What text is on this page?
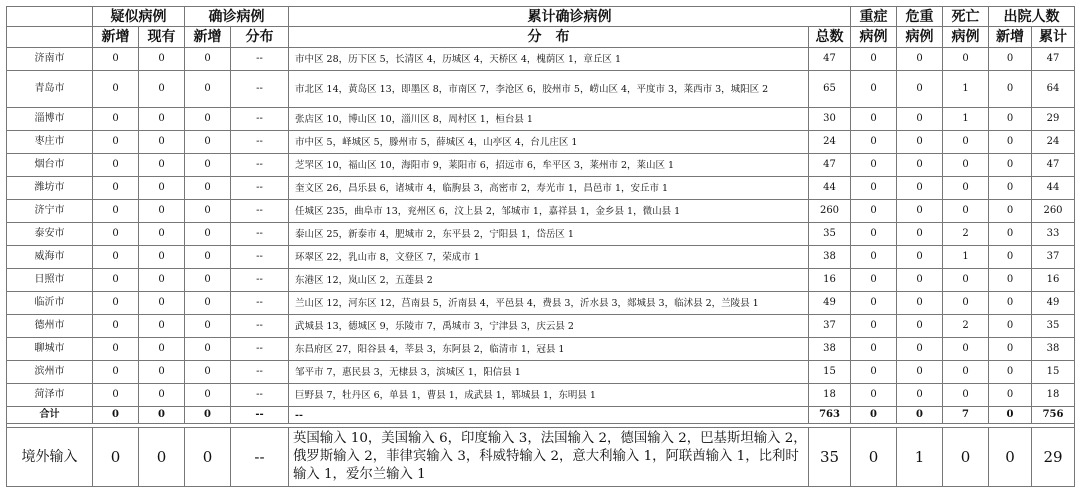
	疑似病例		确诊病例		累计确诊病例		重症	危重	死亡	出院人数	
	新增	现有	新增	分布	分　布	总数	病例	病例	病例	新增	累计
济南市	0	0	0	--	市中区 28，历下区 5，长清区 4，历城区 4，天桥区 4，槐荫区 1，章丘区 1	47	0	0	0	0	47
青岛市	0	0	0	--	市北区 14，黄岛区 13，即墨区 8，市南区 7，李沧区 6，胶州市 5，崂山区 4，平度市 3，莱西市 3，城阳区 2	65	0	0	1	0	64
淄博市	0	0	0	--	张店区 10，博山区 10，淄川区 8，周村区 1，桓台县 1	30	0	0	1	0	29
枣庄市	0	0	0	--	市中区 5，峄城区 5，滕州市 5，薛城区 4，山亭区 4，台儿庄区 1	24	0	0	0	0	24
烟台市	0	0	0	--	芝罘区 10，福山区 10，海阳市 9，莱阳市 6，招远市 6，牟平区 3，莱州市 2，莱山区 1	47	0	0	0	0	47
潍坊市	0	0	0	--	奎文区 26，昌乐县 6，诸城市 4，临朐县 3，高密市 2，寿光市 1，昌邑市 1，安丘市 1	44	0	0	0	0	44
济宁市	0	0	0	--	任城区 235，曲阜市 13，兖州区 6，汶上县 2，邹城市 1，嘉祥县 1，金乡县 1，微山县 1	260	0	0	0	0	260
泰安市	0	0	0	--	泰山区 25，新泰市 4，肥城市 2，东平县 2，宁阳县 1，岱岳区 1	35	0	0	2	0	33
威海市	0	0	0	--	环翠区 22，乳山市 8，文登区 7，荣成市 1	38	0	0	1	0	37
日照市	0	0	0	--	东港区 12，岚山区 2，五莲县 2	16	0	0	0	0	16
临沂市	0	0	0	--	兰山区 12，河东区 12，莒南县 5，沂南县 4，平邑县 4，费县 3，沂水县 3，郯城县 3，临沭县 2，兰陵县 1	49	0	0	0	0	49
德州市	0	0	0	--	武城县 13，德城区 9，乐陵市 7，禹城市 3，宁津县 3，庆云县 2	37	0	0	2	0	35
聊城市	0	0	0	--	东昌府区 27，阳谷县 4，莘县 3，东阿县 2，临清市 1，冠县 1	38	0	0	0	0	38
滨州市	0	0	0	--	邹平市 7，惠民县 3，无棣县 3，滨城区 1，阳信县 1	15	0	0	0	0	15
菏泽市	0	0	0	--	巨野县 7，牡丹区 6，单县 1，曹县 1，成武县 1，郓城县 1，东明县 1	18	0	0	0	0	18
合计	0	0	0	--	--	763	0	0	7	0	756

境外输入	0	0	0	--	英国输入 10，美国输入 6，印度输入 3，法国输入 2，德国输入 2，巴基斯坦输入 2，俄罗斯输入 2，菲律宾输入 3，科威特输入 2，意大利输入 1，阿联酋输入 1，比利时输入 1，爱尔兰输入 1	35	0	1	0	0	29
